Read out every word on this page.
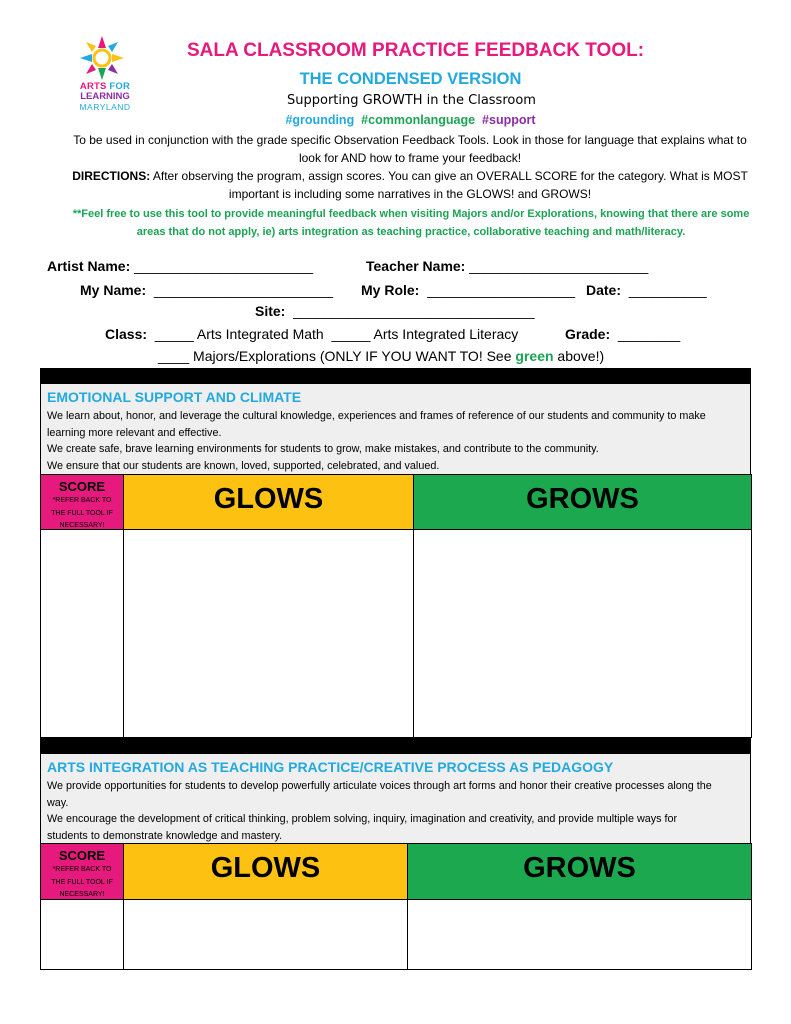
ARTS FOR
LEARNING
MARYLAND
SALA CLASSROOM PRACTICE FEEDBACK TOOL:
THE CONDENSED VERSION
Supporting GROWTH in the Classroom
#grounding #commonlanguage #support
To be used in conjunction with the grade specific Observation Feedback Tools. Look in those for language that explains what to
look for AND how to frame your feedback!
DIRECTIONS: After observing the program, assign scores. You can give an OVERALL SCORE for the category. What is MOST
important is including some narratives in the GLOWS! and GROWS!
**Feel free to use this tool to provide meaningful feedback when visiting Majors and/or Explorations, knowing that there are some
areas that do not apply, ie) arts integration as teaching practice, collaborative teaching and math/literacy.
Artist Name: _______________________	Teacher Name: _______________________
My Name:  _______________________ My Role:  ___________________ Date:  __________
Site:  _______________________________
Class:  _____ Arts Integrated Math  _____ Arts Integrated Literacy	Grade:  ________
____ Majors/Explorations (ONLY IF YOU WANT TO! See green above!)
EMOTIONAL SUPPORT AND CLIMATE
We learn about, honor, and leverage the cultural knowledge, experiences and frames of reference of our students and community to make
learning more relevant and effective.
We create safe, brave learning environments for students to grow, make mistakes, and contribute to the community.
We ensure that our students are known, loved, supported, celebrated, and valued.
SCORE
*REFER BACK TO
THE FULL TOOL IF
NECESSARY!
GLOWS	GROWS
ARTS INTEGRATION AS TEACHING PRACTICE/CREATIVE PROCESS AS PEDAGOGY
We provide opportunities for students to develop powerfully articulate voices through art forms and honor their creative processes along the
way.
We encourage the development of critical thinking, problem solving, inquiry, imagination and creativity, and provide multiple ways for
students to demonstrate knowledge and mastery.
SCORE
*REFER BACK TO
THE FULL TOOL IF
NECESSARY!
GLOWS	GROWS
